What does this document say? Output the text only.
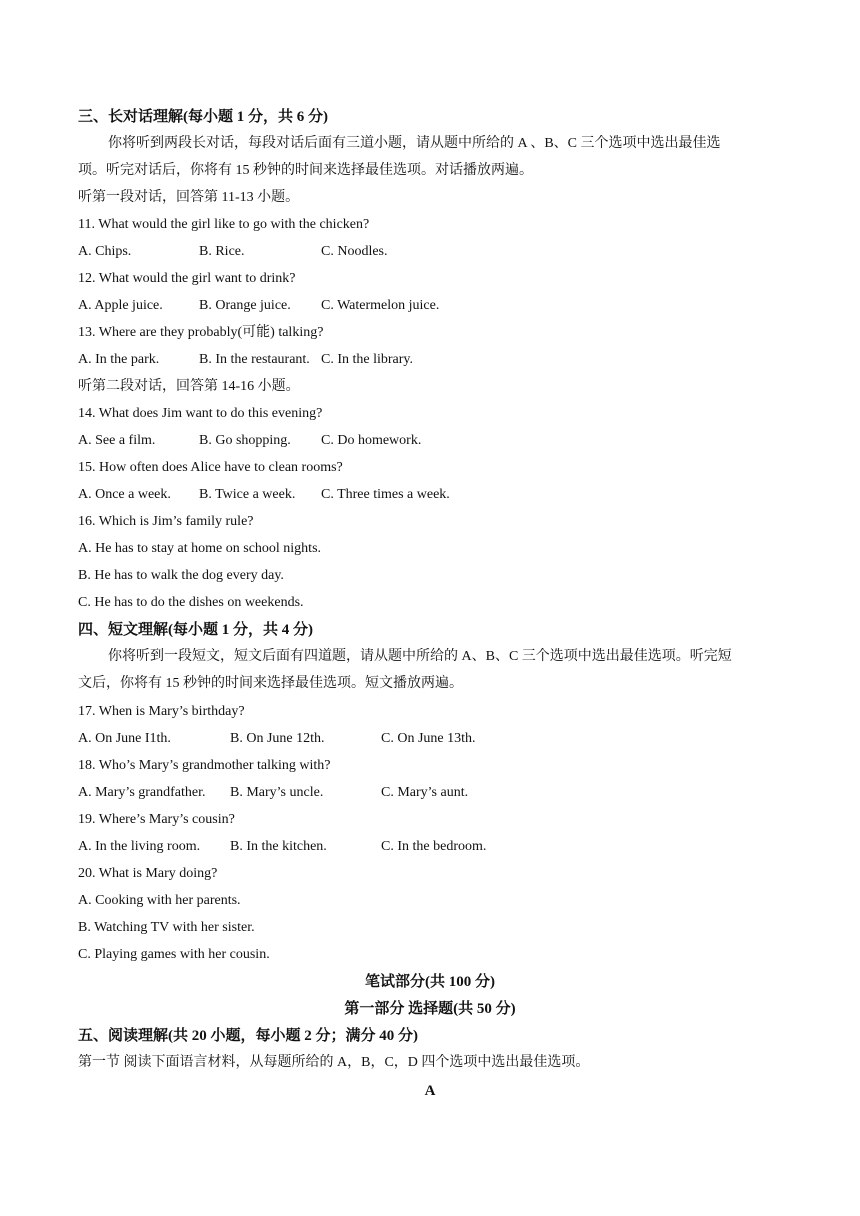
三、长对话理解(每小题 1 分，共 6 分)
你将听到两段长对话，每段对话后面有三道小题，请从题中所给的 A 、B、C 三个选项中选出最佳选
项。听完对话后，你将有 15 秒钟的时间来选择最佳选项。对话播放两遍。
听第一段对话，回答第 11-13 小题。
11. What would the girl like to go with the chicken?
A. Chips.	B. Rice.	C. Noodles.
12. What would the girl want to drink?
A. Apple juice.	B. Orange juice. C. Watermelon juice.
13. Where are they probably(可能) talking?
A. In the park.	B. In the restaurant. C. In the library.
听第二段对话，回答第 14-16 小题。
14. What does Jim want to do this evening?
A. See a film.	B. Go shopping. C. Do homework.
15. How often does Alice have to clean rooms?
A. Once a week. B. Twice a week. C. Three times a week.
16. Which is Jim’s family rule?
A. He has to stay at home on school nights.
B. He has to walk the dog every day.
C. He has to do the dishes on weekends.
四、短文理解(每小题 1 分，共 4 分)
你将听到一段短文，短文后面有四道题，请从题中所给的 A、B、C 三个选项中选出最佳选项。听完短
文后，你将有 15 秒钟的时间来选择最佳选项。短文播放两遍。
17. When is Mary’s birthday?
A. On June I1th.	B. On June 12th.	C. On June 13th.
18. Who’s Mary’s grandmother talking with?
A. Mary’s grandfather. B. Mary’s uncle.	C. Mary’s aunt.
19. Where’s Mary’s cousin?
A. In the living room. B. In the kitchen.	C. In the bedroom.
20. What is Mary doing?
A. Cooking with her parents.
B. Watching TV with her sister.
C. Playing games with her cousin.
笔试部分(共 100 分)
第一部分 选择题(共 50 分)
五、阅读理解(共 20 小题，每小题 2 分；满分 40 分)
第一节 阅读下面语言材料，从每题所给的 A，B，C，D 四个选项中选出最佳选项。
A
